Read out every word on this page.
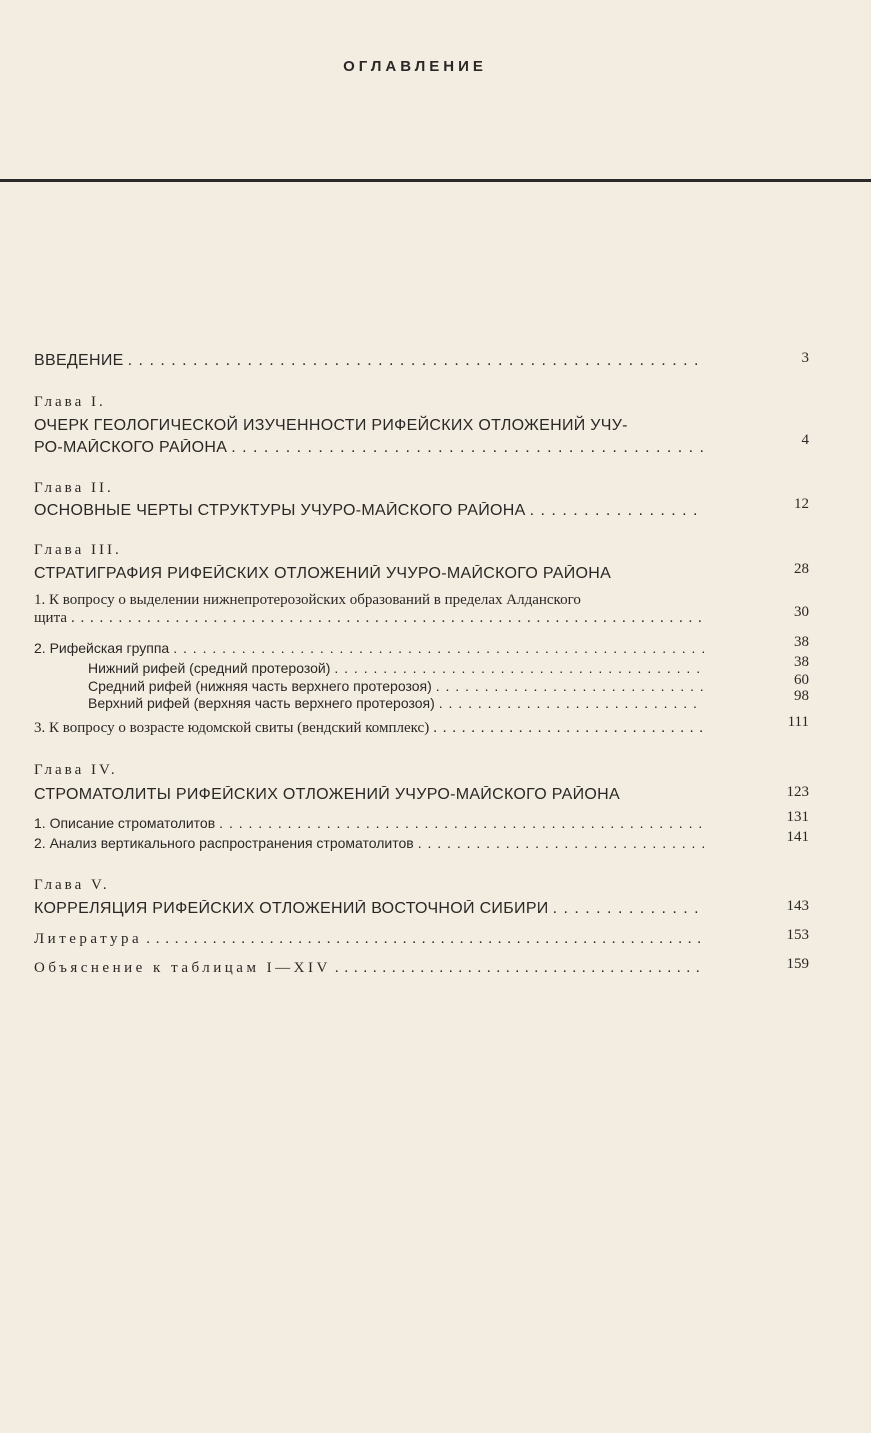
ОГЛАВЛЕНИЕ
ВВЕДЕНИЕ . . .	3
Глава I.
ОЧЕРК ГЕОЛОГИЧЕСКОЙ ИЗУЧЕННОСТИ РИФЕЙСКИХ ОТЛОЖЕНИЙ УЧУ-
РО-МАЙСКОГО РАЙОНА . . .	4
Глава II.
ОСНОВНЫЕ ЧЕРТЫ СТРУКТУРЫ УЧУРО-МАЙСКОГО РАЙОНА . . .	12
Глава III.
СТРАТИГРАФИЯ РИФЕЙСКИХ ОТЛОЖЕНИЙ УЧУРО-МАЙСКОГО РАЙОНА	28
1. К вопросу о выделении нижнепротерозойских образований в пределах Алданского
щита . . .	30
2. Рифейская группа . . .	38
Нижний рифей (средний протерозой) . . .	38
Средний рифей (нижняя часть верхнего протерозоя) . . .	60
Верхний рифей (верхняя часть верхнего протерозоя) . . .	98
3. К вопросу о возрасте юдомской свиты (вендский комплекс) . . .	111
Глава IV.
СТРОМАТОЛИТЫ РИФЕЙСКИХ ОТЛОЖЕНИЙ УЧУРО-МАЙСКОГО РАЙОНА	123
1. Описание строматолитов . . .	131
2. Анализ вертикального распространения строматолитов . . .	141
Глава V.
КОРРЕЛЯЦИЯ РИФЕЙСКИХ ОТЛОЖЕНИЙ ВОСТОЧНОЙ СИБИРИ . . .	143
Литература . . .	153
Объяснение к таблицам I—XIV . . .	159
